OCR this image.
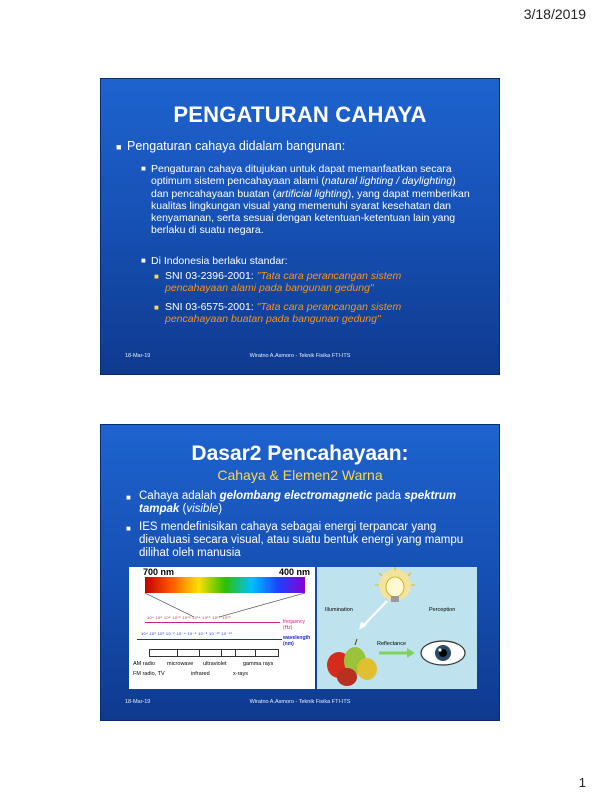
3/18/2019
PENGATURAN CAHAYA
■ Pengaturan cahaya didalam bangunan:
■ Pengaturan cahaya ditujukan untuk dapat memanfaatkan secara optimum sistem pencahayaan alami (natural lighting / daylighting) dan pencahayaan buatan (artificial lighting), yang dapat memberikan kualitas lingkungan visual yang memenuhi syarat kesehatan dan kenyamanan, serta sesuai dengan ketentuan-ketentuan lain yang berlaku di suatu negara.
■ Di Indonesia berlaku standar:
■ SNI 03-2396-2001: "Tata cara perancangan sistem pencahayaan alami pada bangunan gedung"
■ SNI 03-6575-2001: "Tata cara perancangan sistem pencahayaan buatan pada bangunan gedung"
18-Mar-19	Wiratno A.Asmoro - Teknik Fisika FTI-ITS
Dasar2 Pencahayaan:
Cahaya & Elemen2 Warna
■ Cahaya adalah gelombang electromagnetic pada spektrum tampak (visible)
■ IES mendefinisikan cahaya sebagai energi terpancar yang dievaluasi secara visual, atau suatu bentuk energi yang mampu dilihat oleh manusia
700 nm	400 nm
10⁴ 10⁶ 10⁸ 10¹⁰ 10¹² 10¹⁴ 10¹⁶ 10¹⁸ 10²⁰
frequency (Hz)
10⁴ 10² 10⁰ 10⁻² 10⁻⁴ 10⁻⁶ 10⁻⁸ 10⁻¹⁰ 10⁻¹²
wavelength (nm)
AM radio microwave ultraviolet	gamma rays
FM radio, TV	infrared	x-rays
Illumination	Perception
Reflectance
18-Mar-19	Wiratno A.Asmoro - Teknik Fisika FTI-ITS
1
